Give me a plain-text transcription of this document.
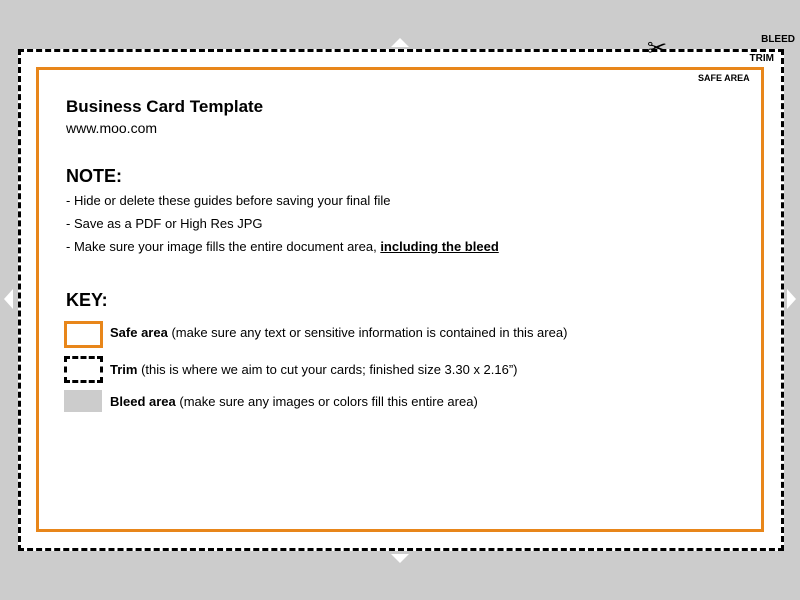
BLEED
✂	TRIM
SAFE AREA
Business Card Template
www.moo.com
NOTE:
- Hide or delete these guides before saving your final file
- Save as a PDF or High Res JPG
- Make sure your image fills the entire document area, including the bleed
KEY:
Safe area (make sure any text or sensitive information is contained in this area)
Trim (this is where we aim to cut your cards; finished size 3.30 x 2.16”)
Bleed area (make sure any images or colors fill this entire area)
